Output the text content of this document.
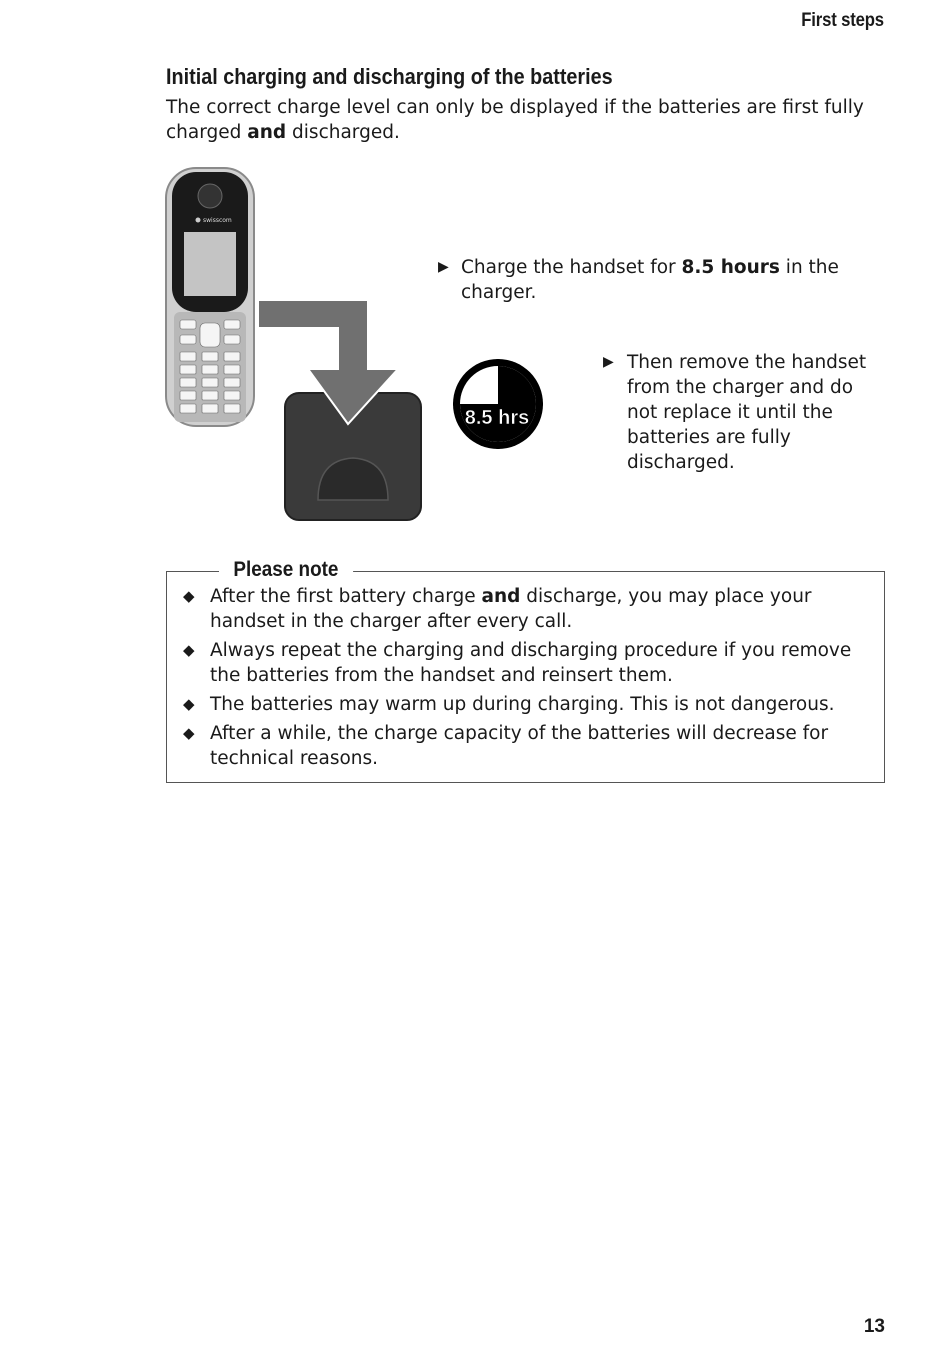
First steps
Initial charging and discharging of the batteries
The correct charge level can only be displayed if the batteries are first fully charged and discharged.
swisscom
8.5 hrs
▶ Charge the handset for 8.5 hours in the charger.
▶ Then remove the handset from the charger and do not replace it until the batteries are fully discharged.
Please note
◆ After the first battery charge and discharge, you may place your handset in the charger after every call.
◆ Always repeat the charging and discharging procedure if you remove the batteries from the handset and reinsert them.
◆ The batteries may warm up during charging. This is not dangerous.
◆ After a while, the charge capacity of the batteries will decrease for technical reasons.
13
